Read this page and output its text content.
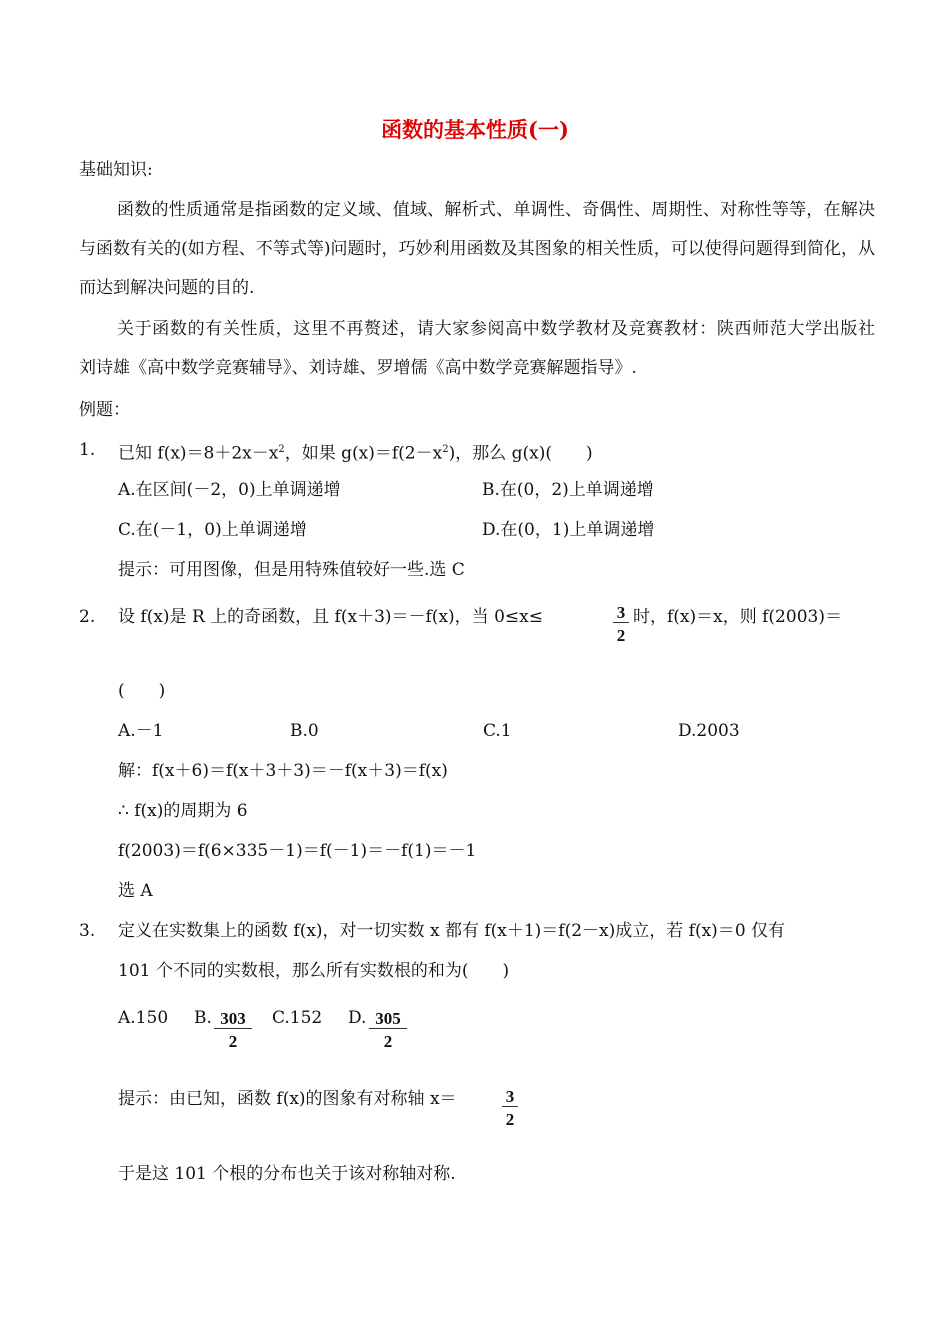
函数的基本性质(一)
基础知识:
函数的性质通常是指函数的定义域、值域、解析式、单调性、奇偶性、周期性、对称性等等，在解决与函数有关的(如方程、不等式等)问题时，巧妙利用函数及其图象的相关性质，可以使得问题得到简化，从而达到解决问题的目的.
关于函数的有关性质，这里不再赘述，请大家参阅高中数学教材及竞赛教材：陕西师范大学出版社　刘诗雄《高中数学竞赛辅导》、刘诗雄、罗增儒《高中数学竞赛解题指导》.
例题：
1. 已知 $f(x)=8+2x-x^2$，如果 $g(x)=f(2-x^2)$，那么 g(x)(　　)
A.在区间(－2，0)上单调递增	B.在(0，2)上单调递增
C.在(－1，0)上单调递增	D.在(0，1)上单调递增
提示：可用图像，但是用特殊值较好一些.选 C
2. 设 f(x)是 R 上的奇函数，且 f(x＋3)＝－f(x)，当 0≤x≤	$\frac{3}{2}$ 时，f(x)＝x，则 f(2003)＝
(　　)
A.－1	B.0	C.1	D.2003
解：f(x＋6)＝f(x＋3＋3)＝－f(x＋3)＝f(x)
∴ f(x)的周期为 6
f(2003)＝f(6×335－1)＝f(－1)＝－f(1)＝－1
选 A
3. 定义在实数集上的函数 f(x)，对一切实数 x 都有 f(x＋1)＝f(2－x)成立，若 f(x)＝0 仅有
101 个不同的实数根，那么所有实数根的和为(　　)
A.150 B. $\frac{303}{2} C.152$ D. $\frac{305}{2}$
提示：由已知，函数 f(x)的图象有对称轴 x＝	$\frac{3}{2}$
于是这 101 个根的分布也关于该对称轴对称.
